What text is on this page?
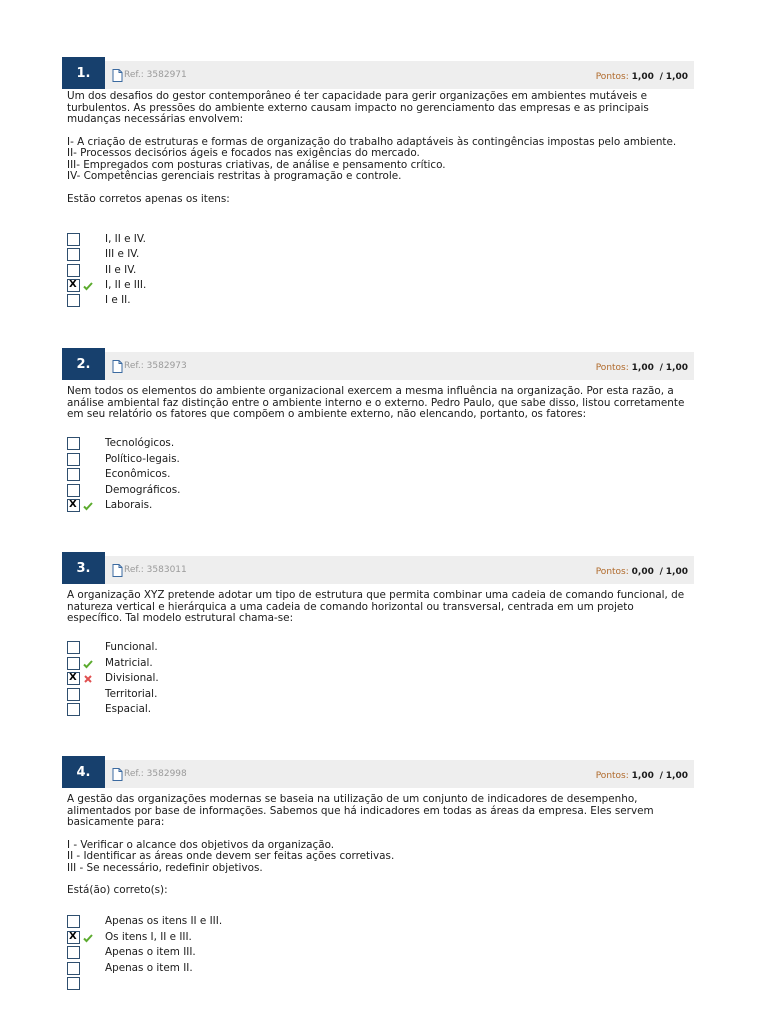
1.	Ref.: 3582971	Pontos: 1,00 / 1,00

Um dos desafios do gestor contemporâneo é ter capacidade para gerir organizações em ambientes mutáveis e turbulentos. As pressões do ambiente externo causam impacto no gerenciamento das empresas e as principais mudanças necessárias envolvem:

I- A criação de estruturas e formas de organização do trabalho adaptáveis às contingências impostas pelo ambiente.

II- Processos decisórios ágeis e focados nas exigências do mercado.

III- Empregados com posturas criativas, de análise e pensamento crítico.

IV- Competências gerenciais restritas à programação e controle.

Estão corretos apenas os itens:

I, II e IV.
III e IV.
II e IV.
X
I, II e III.
I e II.
2.	Ref.: 3582973	Pontos: 1,00 / 1,00

Nem todos os elementos do ambiente organizacional exercem a mesma influência na organização. Por esta razão, a análise ambiental faz distinção entre o ambiente interno e o externo. Pedro Paulo, que sabe disso, listou corretamente em seu relatório os fatores que compõem o ambiente externo, não elencando, portanto, os fatores:

Tecnológicos.
Político-legais.
Econômicos.
Demográficos.
X
Laborais.
3.	Ref.: 3583011	Pontos: 0,00 / 1,00

A organização XYZ pretende adotar um tipo de estrutura que permita combinar uma cadeia de comando funcional, de natureza vertical e hierárquica a uma cadeia de comando horizontal ou transversal, centrada em um projeto específico. Tal modelo estrutural chama-se:

Funcional.
Matricial.
X
Divisional.
Territorial.
Espacial.
4.	Ref.: 3582998	Pontos: 1,00 / 1,00

A gestão das organizações modernas se baseia na utilização de um conjunto de indicadores de desempenho, alimentados por base de informações. Sabemos que há indicadores em todas as áreas da empresa. Eles servem basicamente para:

I - Verificar o alcance dos objetivos da organização.

II - Identificar as áreas onde devem ser feitas ações corretivas.

III - Se necessário, redefinir objetivos.

Está(ão) correto(s):

Apenas os itens II e III.
X
Os itens I, II e III.
Apenas o item III.
Apenas o item II.
